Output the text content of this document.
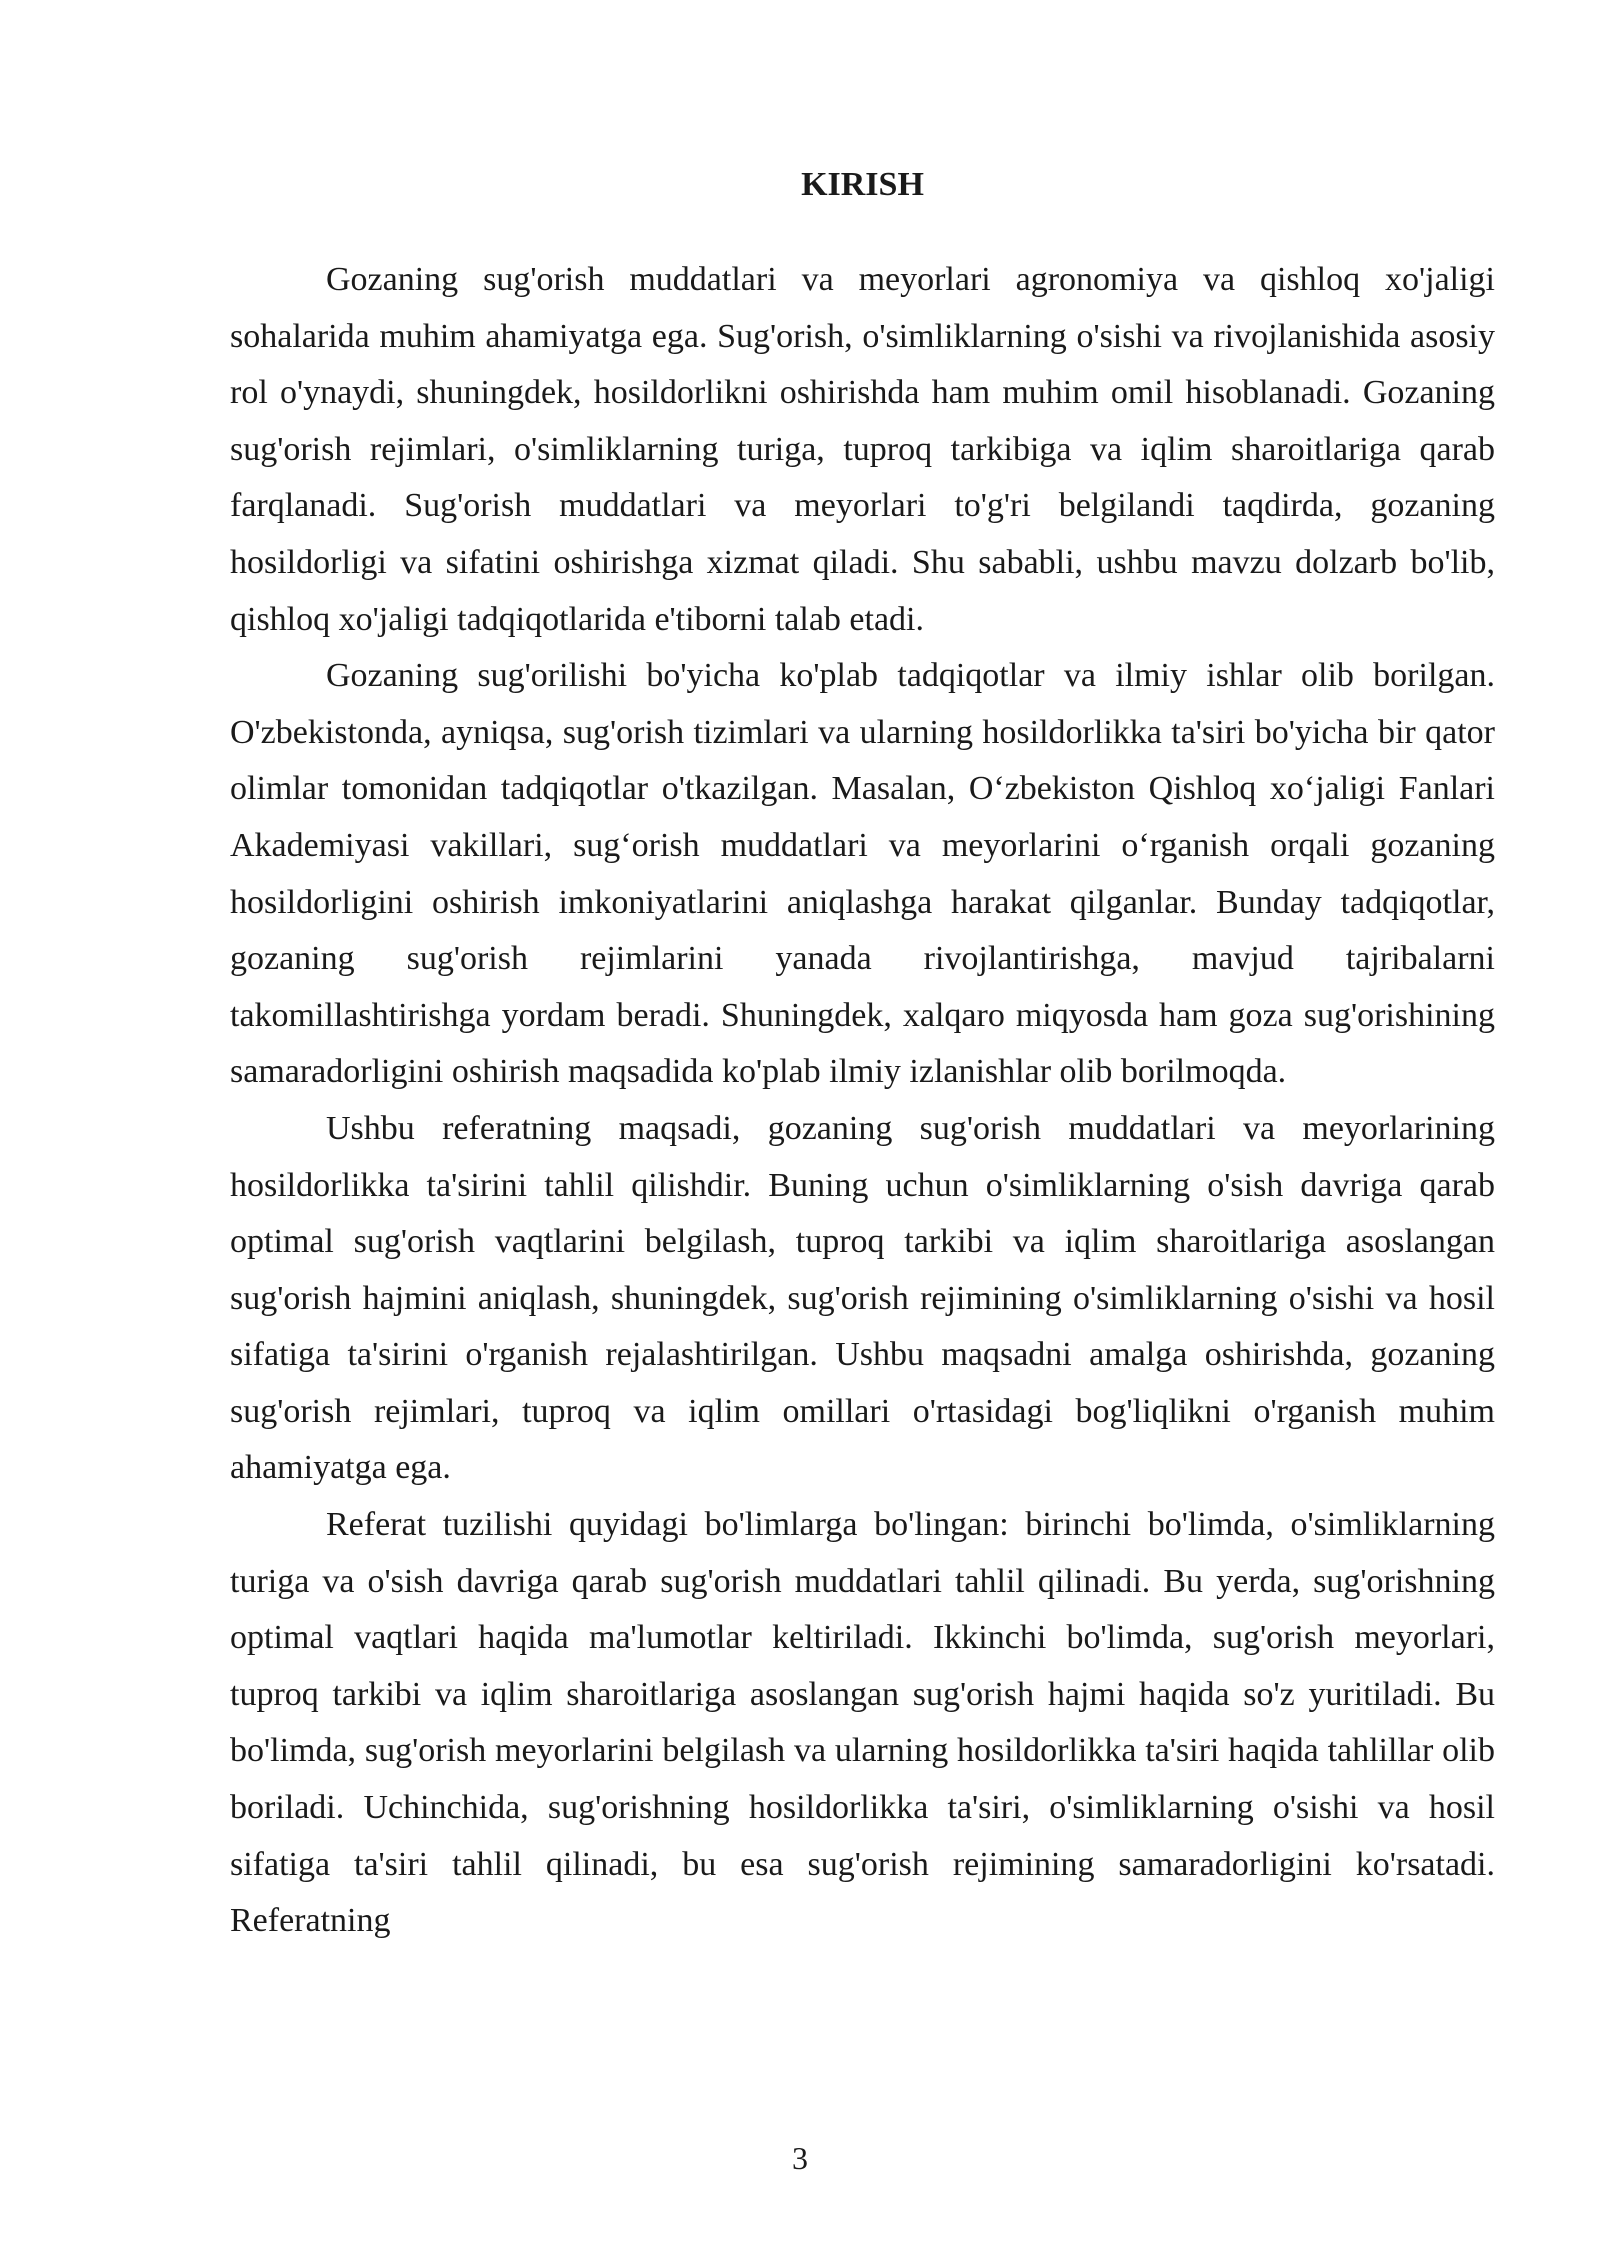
KIRISH

Gozaning sug'orish muddatlari va meyorlari agronomiya va qishloq xo'jaligi sohalarida muhim ahamiyatga ega. Sug'orish, o'simliklarning o'sishi va rivojlanishida asosiy rol o'ynaydi, shuningdek, hosildorlikni oshirishda ham muhim omil hisoblanadi. Gozaning sug'orish rejimlari, o'simliklarning turiga, tuproq tarkibiga va iqlim sharoitlariga qarab farqlanadi. Sug'orish muddatlari va meyorlari to'g'ri belgilandi taqdirda, gozaning hosildorligi va sifatini oshirishga xizmat qiladi. Shu sababli, ushbu mavzu dolzarb bo'lib, qishloq xo'jaligi tadqiqotlarida e'tiborni talab etadi.

Gozaning sug'orilishi bo'yicha ko'plab tadqiqotlar va ilmiy ishlar olib borilgan. O'zbekistonda, ayniqsa, sug'orish tizimlari va ularning hosildorlikka ta'siri bo'yicha bir qator olimlar tomonidan tadqiqotlar o'tkazilgan. Masalan, O‘zbekiston Qishloq xo‘jaligi Fanlari Akademiyasi vakillari, sug‘orish muddatlari va meyorlarini o‘rganish orqali gozaning hosildorligini oshirish imkoniyatlarini aniqlashga harakat qilganlar. Bunday tadqiqotlar, gozaning sug'orish rejimlarini yanada rivojlantirishga, mavjud tajribalarni takomillashtirishga yordam beradi. Shuningdek, xalqaro miqyosda ham goza sug'orishining samaradorligini oshirish maqsadida ko'plab ilmiy izlanishlar olib borilmoqda.

Ushbu referatning maqsadi, gozaning sug'orish muddatlari va meyorlarining hosildorlikka ta'sirini tahlil qilishdir. Buning uchun o'simliklarning o'sish davriga qarab optimal sug'orish vaqtlarini belgilash, tuproq tarkibi va iqlim sharoitlariga asoslangan sug'orish hajmini aniqlash, shuningdek, sug'orish rejimining o'simliklarning o'sishi va hosil sifatiga ta'sirini o'rganish rejalashtirilgan. Ushbu maqsadni amalga oshirishda, gozaning sug'orish rejimlari, tuproq va iqlim omillari o'rtasidagi bog'liqlikni o'rganish muhim ahamiyatga ega.

Referat tuzilishi quyidagi bo'limlarga bo'lingan: birinchi bo'limda, o'simliklarning turiga va o'sish davriga qarab sug'orish muddatlari tahlil qilinadi. Bu yerda, sug'orishning optimal vaqtlari haqida ma'lumotlar keltiriladi. Ikkinchi bo'limda, sug'orish meyorlari, tuproq tarkibi va iqlim sharoitlariga asoslangan sug'orish hajmi haqida so'z yuritiladi. Bu bo'limda, sug'orish meyorlarini belgilash va ularning hosildorlikka ta'siri haqida tahlillar olib boriladi. Uchinchida, sug'orishning hosildorlikka ta'siri, o'simliklarning o'sishi va hosil sifatiga ta'siri tahlil qilinadi, bu esa sug'orish rejimining samaradorligini ko'rsatadi. Referatning

3
